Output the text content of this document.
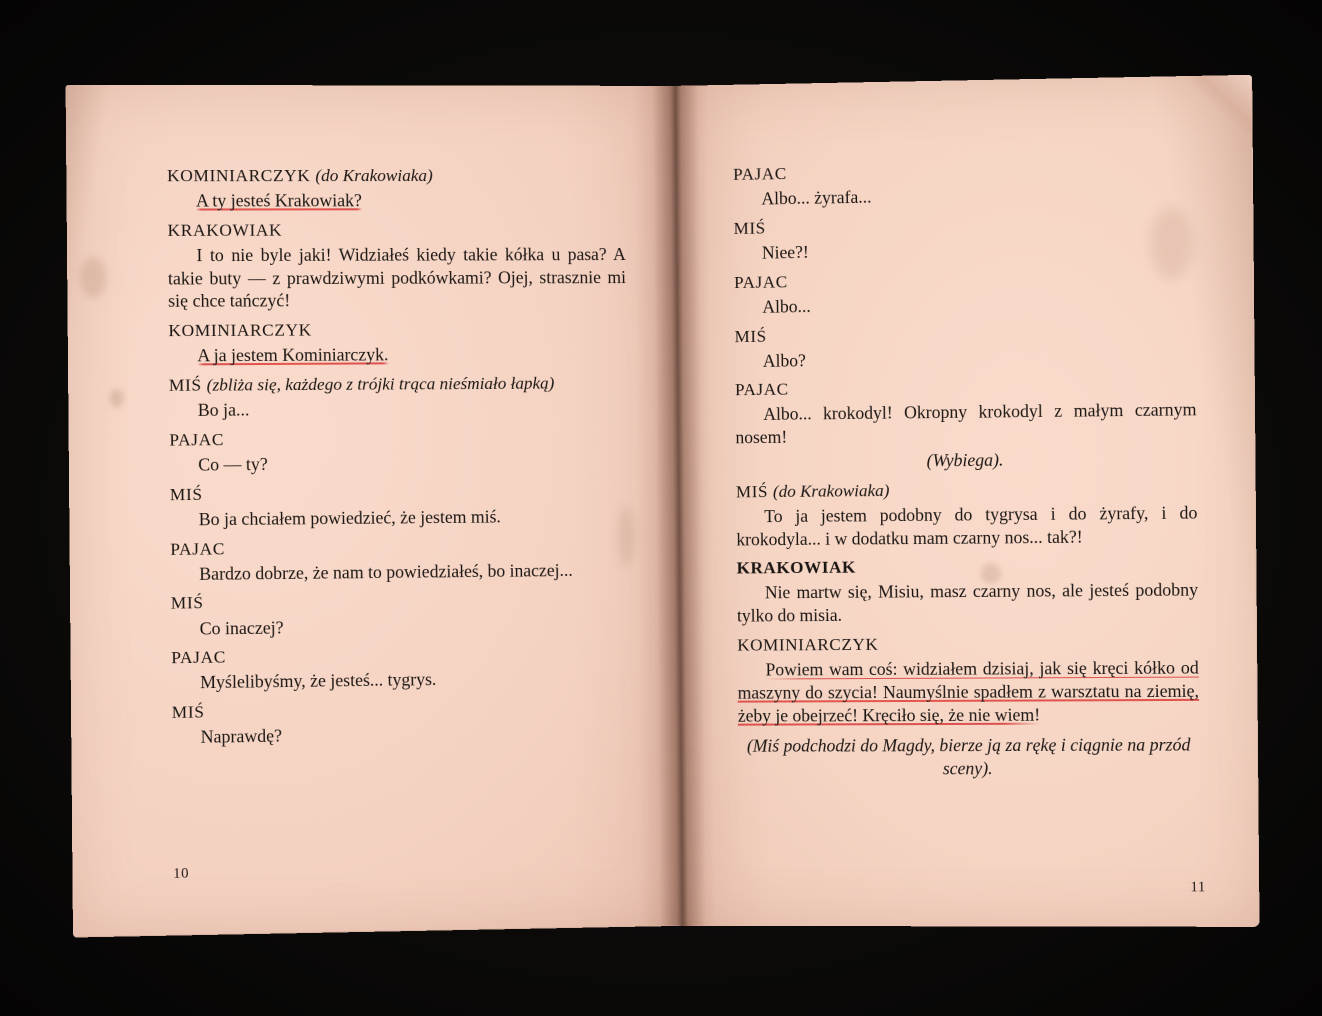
KOMINIARCZYK (do Krakowiaka)
A ty jesteś Krakowiak?
KRAKOWIAK
I to nie byle jaki! Widziałeś kiedy takie kółka u pasa? A takie buty — z prawdziwymi podkówkami? Ojej, strasznie mi się chce tańczyć!
KOMINIARCZYK
A ja jestem Kominiarczyk.
MIŚ (zbliża się, każdego z trójki trąca nieśmiało łapką)
Bo ja...
PAJAC
Co — ty?
MIŚ
Bo ja chciałem powiedzieć, że jestem miś.
PAJAC
Bardzo dobrze, że nam to powiedziałeś, bo inaczej...
MIŚ
Co inaczej?
PAJAC
Myślelibyśmy, że jesteś... tygrys.
MIŚ
Naprawdę?
10
PAJAC
Albo... żyrafa...
MIŚ
Niee?!
PAJAC
Albo...
MIŚ
Albo?
PAJAC
Albo... krokodyl! Okropny krokodyl z małym czarnym nosem!
(Wybiega).
MIŚ (do Krakowiaka)
To ja jestem podobny do tygrysa i do żyrafy, i do krokodyla... i w dodatku mam czarny nos... tak?!
KRAKOWIAK
Nie martw się, Misiu, masz czarny nos, ale jesteś podobny tylko do misia.
KOMINIARCZYK
Powiem wam coś: widziałem dzisiaj, jak się kręci kółko od maszyny do szycia! Naumyślnie spadłem z warsztatu na ziemię, żeby je obejrzeć! Kręciło się, że nie wiem!
(Miś podchodzi do Magdy, bierze ją za rękę i ciągnie na przód sceny).
11
